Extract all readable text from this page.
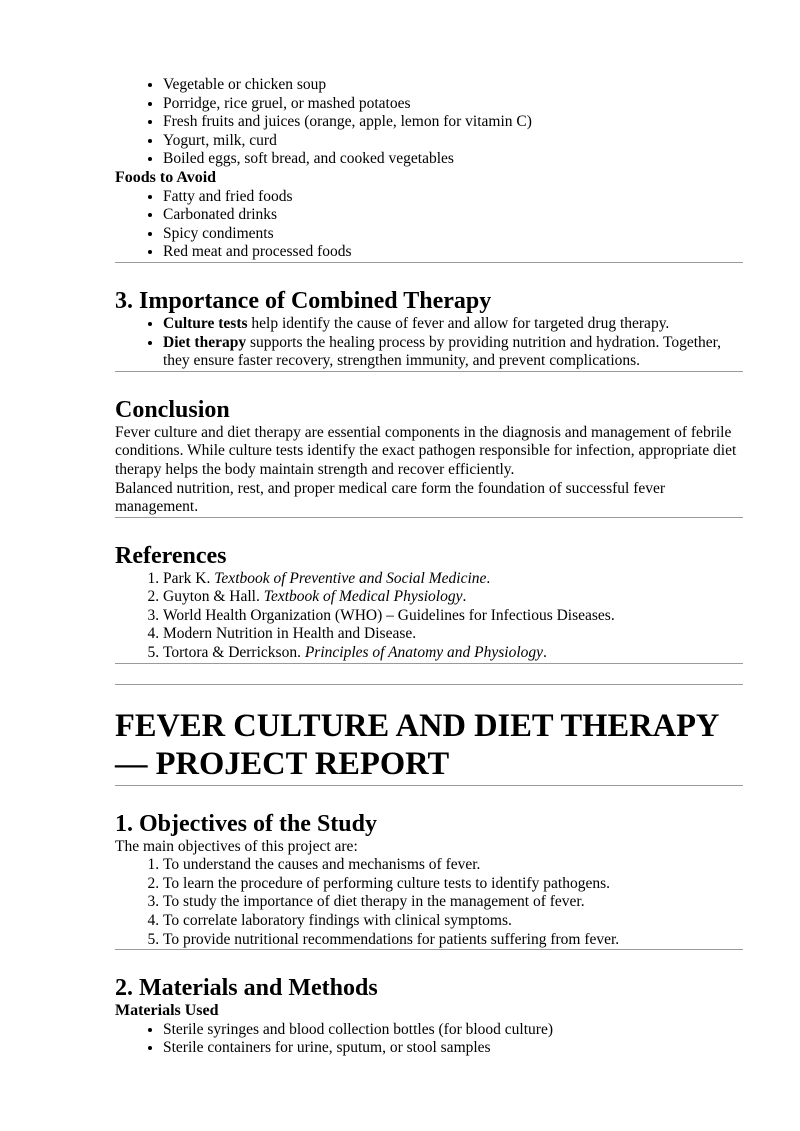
• Vegetable or chicken soup
• Porridge, rice gruel, or mashed potatoes
• Fresh fruits and juices (orange, apple, lemon for vitamin C)
• Yogurt, milk, curd
• Boiled eggs, soft bread, and cooked vegetables

Foods to Avoid

• Fatty and fried foods
• Carbonated drinks
• Spicy condiments
• Red meat and processed foods
3. Importance of Combined Therapy
• Culture tests help identify the cause of fever and allow for targeted drug therapy.
• Diet therapy supports the healing process by providing nutrition and hydration. Together, they ensure faster recovery, strengthen immunity, and prevent complications.
Conclusion

Fever culture and diet therapy are essential components in the diagnosis and management of febrile conditions. While culture tests identify the exact pathogen responsible for infection, appropriate diet therapy helps the body maintain strength and recover efficiently.

Balanced nutrition, rest, and proper medical care form the foundation of successful fever management.

References
1. Park K. Textbook of Preventive and Social Medicine.
2. Guyton & Hall. Textbook of Medical Physiology.
3. World Health Organization (WHO) – Guidelines for Infectious Diseases.
4. Modern Nutrition in Health and Disease.
5. Tortora & Derrickson. Principles of Anatomy and Physiology.
FEVER CULTURE AND DIET THERAPY — PROJECT REPORT
1. Objectives of the Study

The main objectives of this project are:

1. To understand the causes and mechanisms of fever.
2. To learn the procedure of performing culture tests to identify pathogens.
3. To study the importance of diet therapy in the management of fever.
4. To correlate laboratory findings with clinical symptoms.
5. To provide nutritional recommendations for patients suffering from fever.
2. Materials and Methods

Materials Used

• Sterile syringes and blood collection bottles (for blood culture)
• Sterile containers for urine, sputum, or stool samples
